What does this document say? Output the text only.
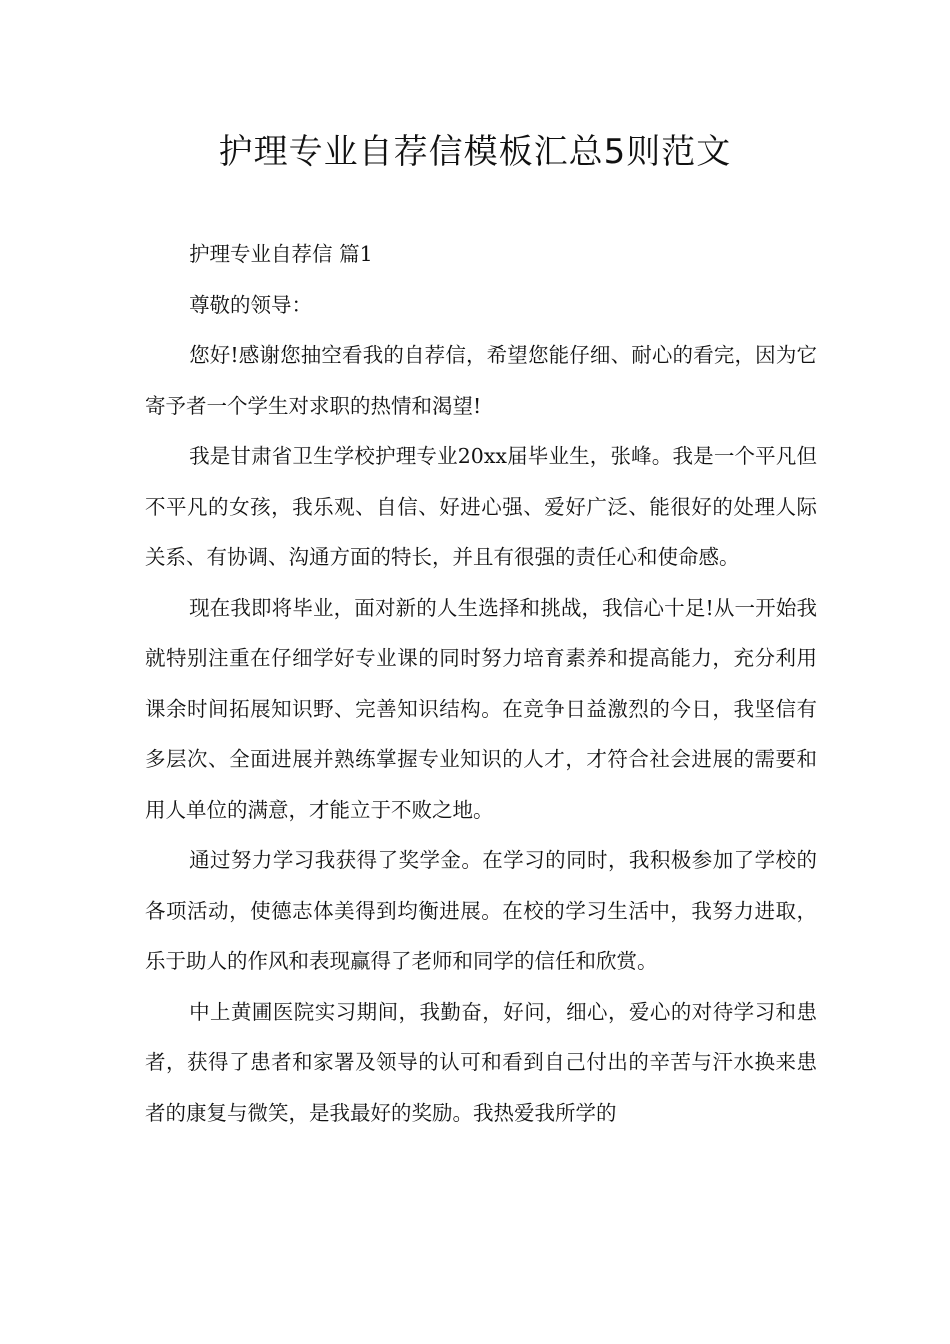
护理专业自荐信模板汇总5则范文

护理专业自荐信 篇1

尊敬的领导：

您好!感谢您抽空看我的自荐信，希望您能仔细、耐心的看完，因为它寄予者一个学生对求职的热情和渴望!

我是甘肃省卫生学校护理专业20xx届毕业生，张峰。我是一个平凡但不平凡的女孩，我乐观、自信、好进心强、爱好广泛、能很好的处理人际关系、有协调、沟通方面的特长，并且有很强的责任心和使命感。

现在我即将毕业，面对新的人生选择和挑战，我信心十足!从一开始我就特别注重在仔细学好专业课的同时努力培育素养和提高能力，充分利用课余时间拓展知识野、完善知识结构。在竞争日益激烈的今日，我坚信有多层次、全面进展并熟练掌握专业知识的人才，才符合社会进展的需要和用人单位的满意，才能立于不败之地。

通过努力学习我获得了奖学金。在学习的同时，我积极参加了学校的各项活动，使德志体美得到均衡进展。在校的学习生活中，我努力进取，乐于助人的作风和表现赢得了老师和同学的信任和欣赏。

中上黄圃医院实习期间，我勤奋，好问，细心，爱心的对待学习和患者，获得了患者和家署及领导的认可和看到自己付出的辛苦与汗水换来患者的康复与微笑，是我最好的奖励。我热爱我所学的
